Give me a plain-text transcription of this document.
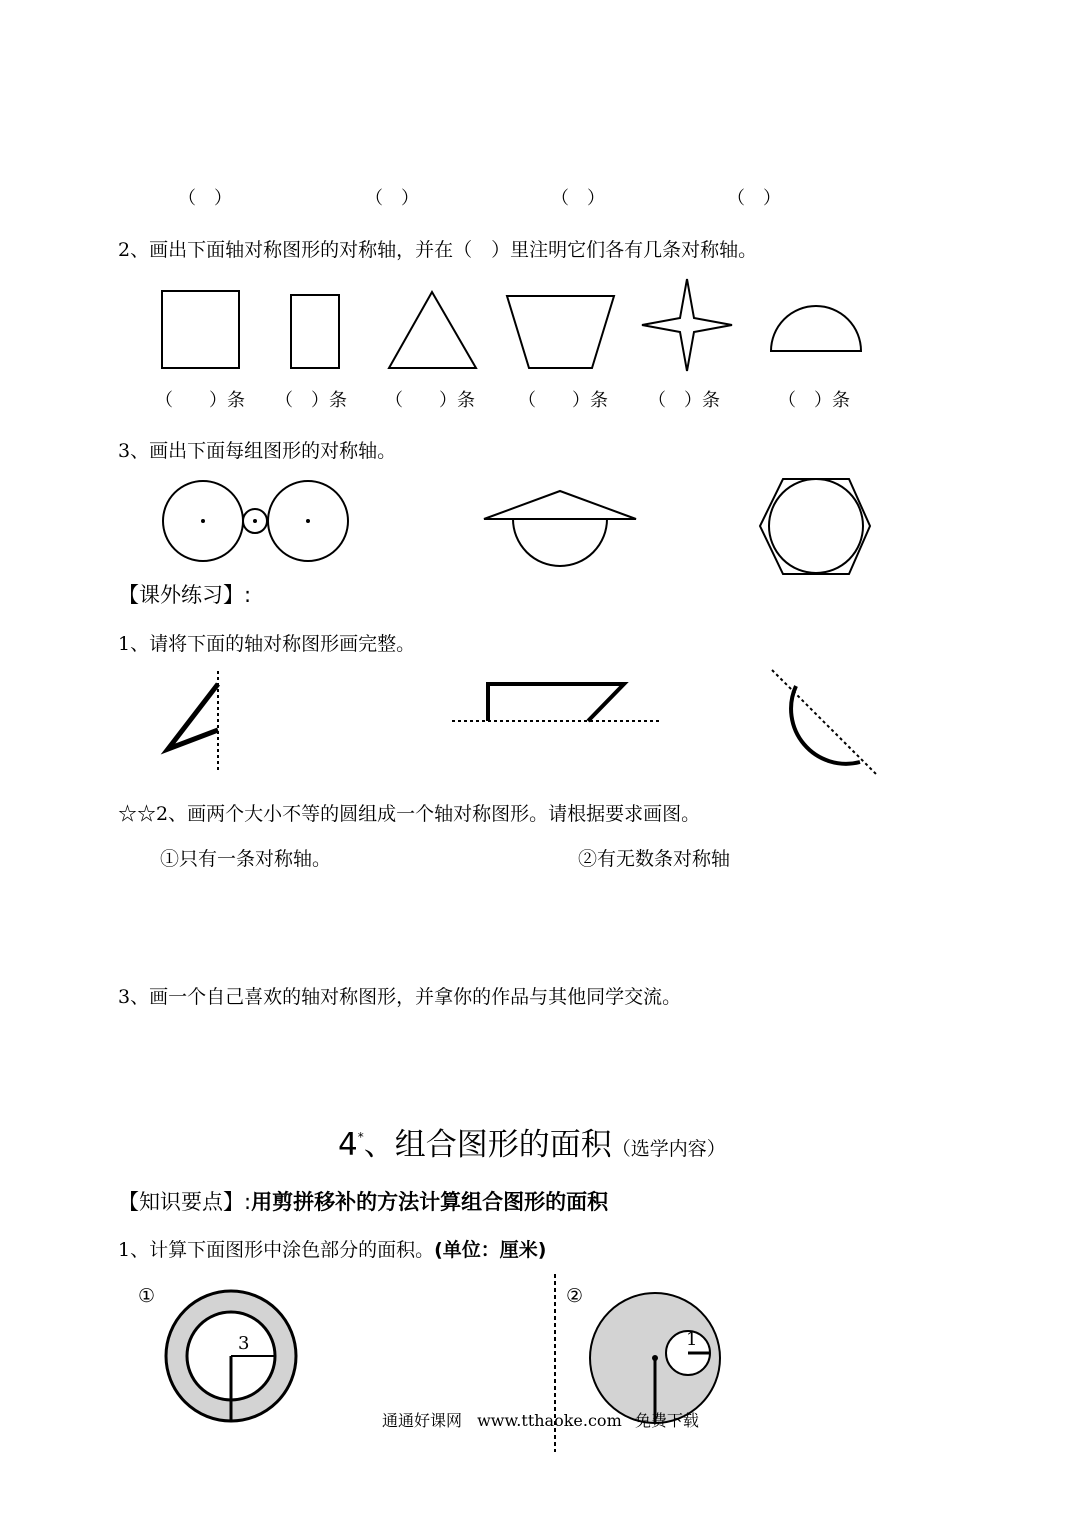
（　）	（　）	（　）	（　）
2、画出下面轴对称图形的对称轴，并在（　）里注明它们各有几条对称轴。
（　　）条 （　）条 （　　）条 （　　）条 （　）条	（　）条
3、画出下面每组图形的对称轴。
【课外练习】:
1、请将下面的轴对称图形画完整。
☆☆2、画两个大小不等的圆组成一个轴对称图形。请根据要求画图。
①只有一条对称轴。	②有无数条对称轴
3、画一个自己喜欢的轴对称图形，并拿你的作品与其他同学交流。
4*、组合图形的面积（选学内容）
【知识要点】:用剪拼移补的方法计算组合图形的面积
1、计算下面图形中涂色部分的面积。(单位：厘米)
①	②
3	1
通通好课网 www.tthaoke.com 免费下载
